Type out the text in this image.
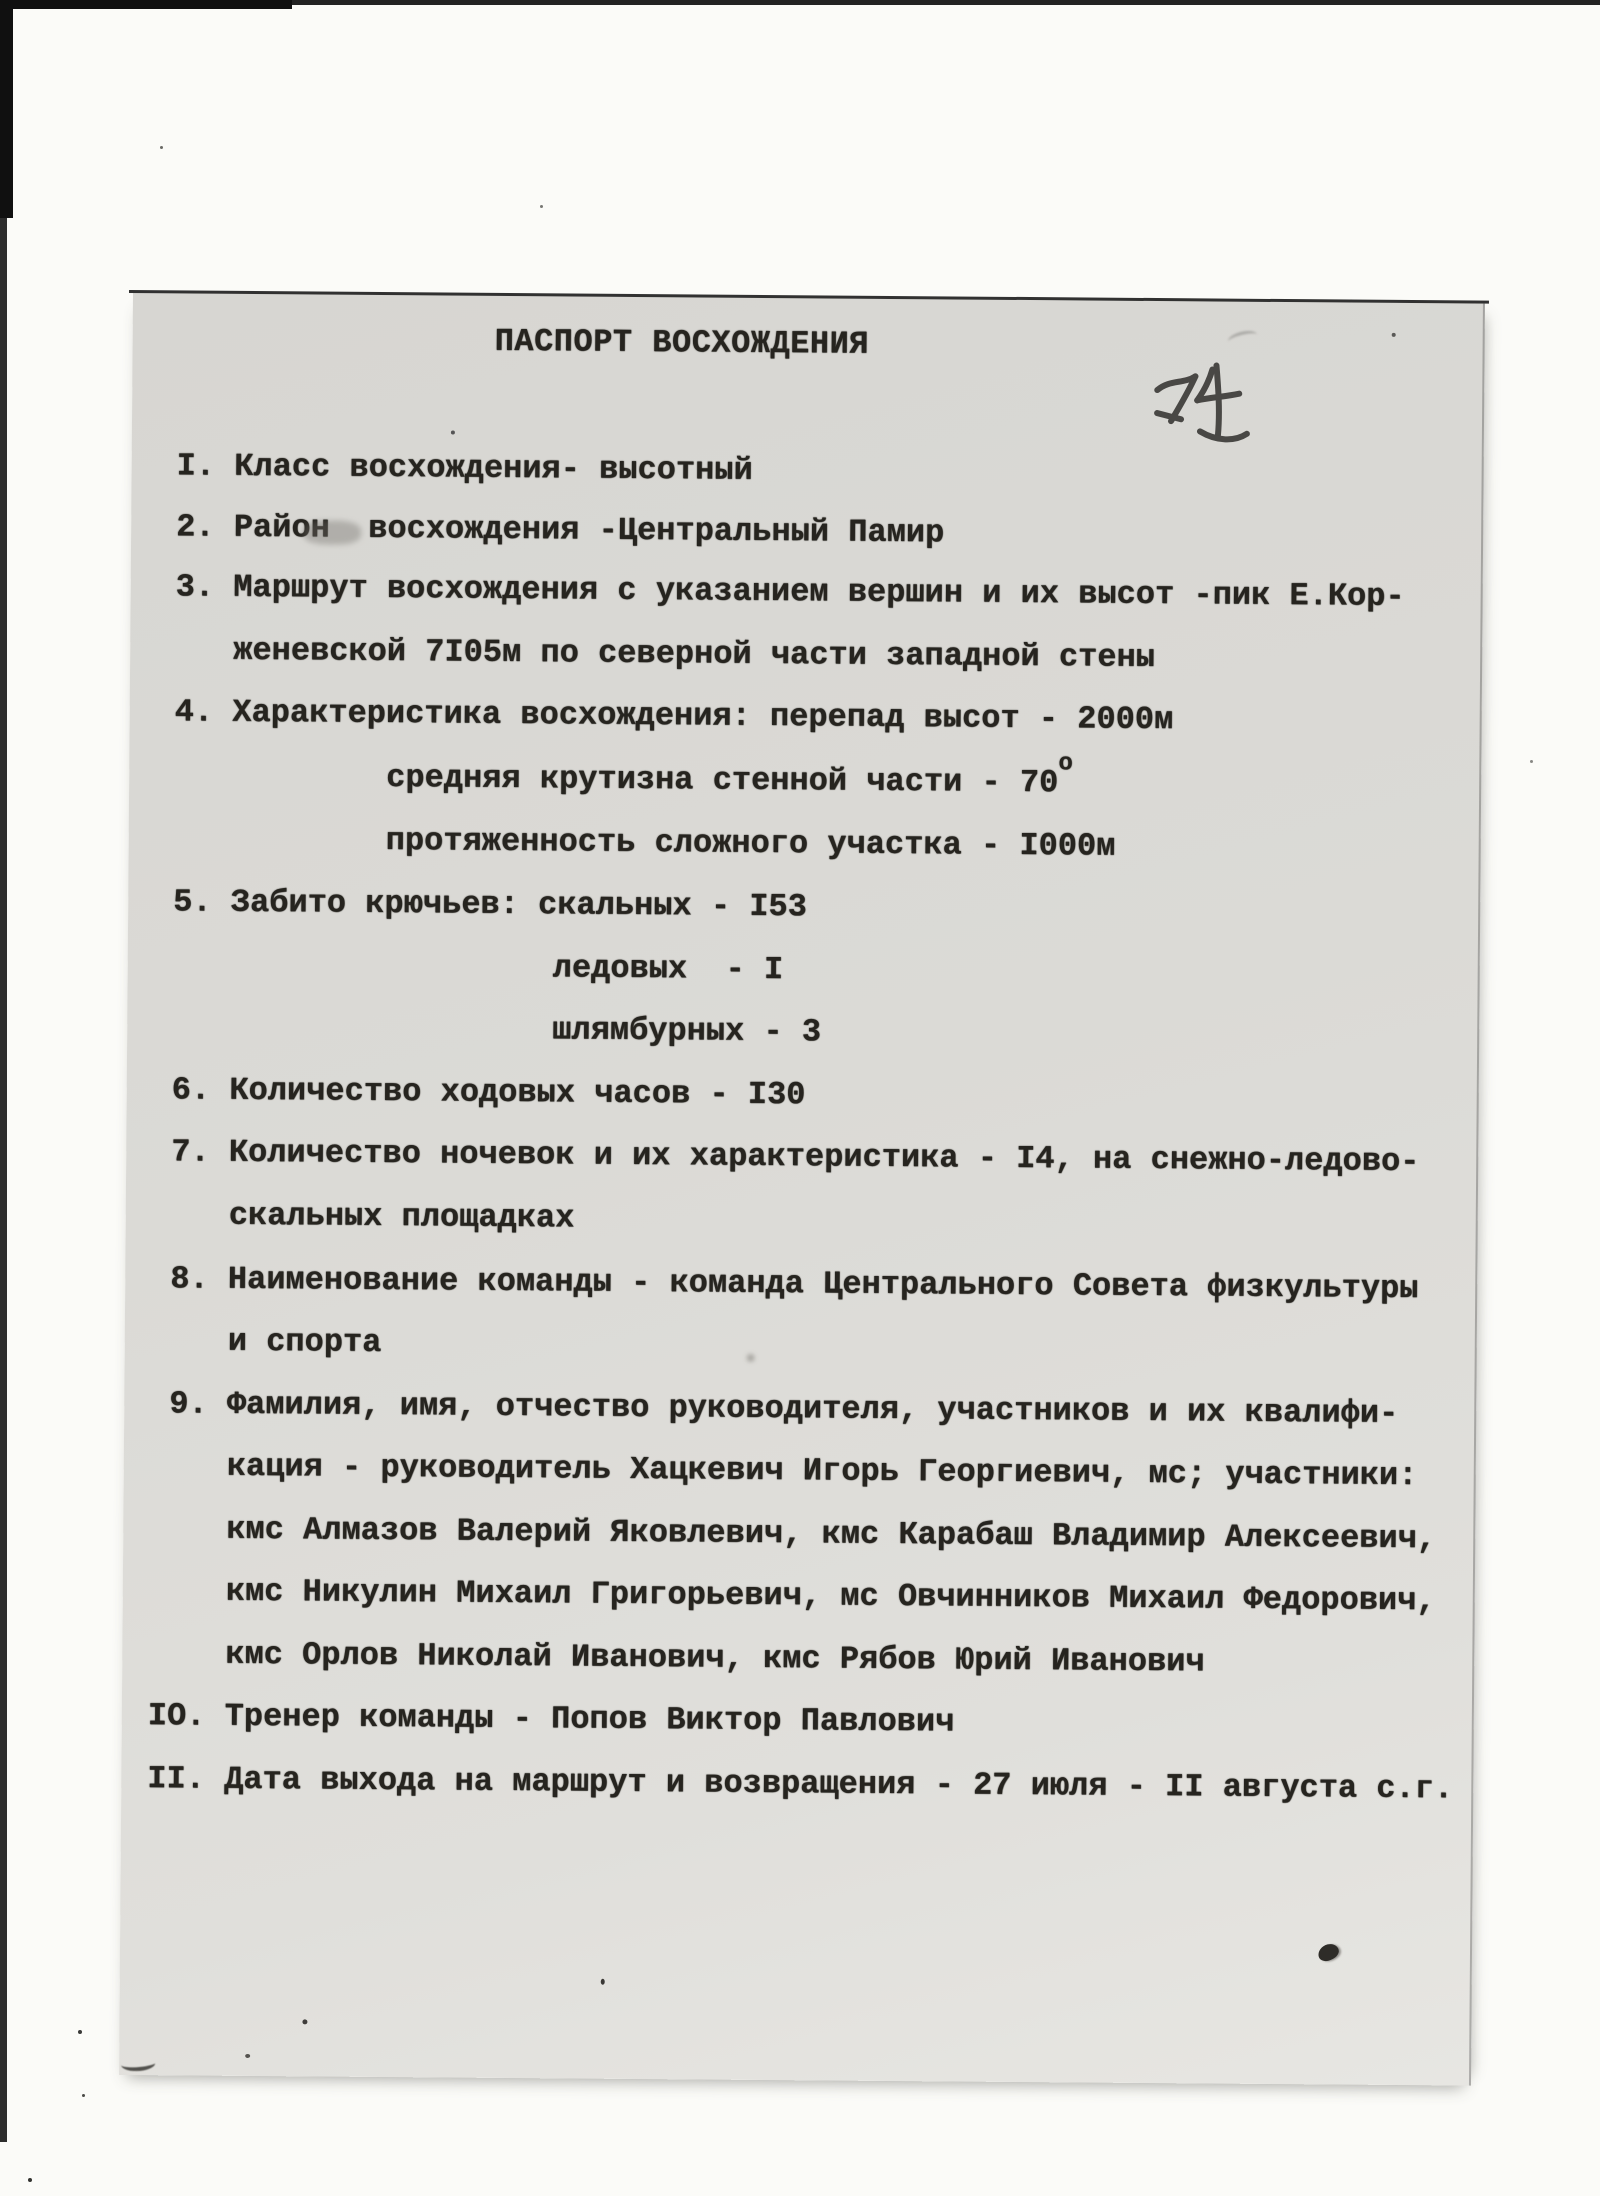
ПАСПОРТ ВОСХОЖДЕНИЯ
I. Класс восхождения- высотный
2. Район  восхождения -Центральный Памир
3. Маршрут восхождения с указанием вершин и их высот -пик Е.Кор-
женевской 7I05м по северной части западной стены
4. Характеристика восхождения: перепад высот - 2000м
средняя крутизна стенной части - 70о
протяженность сложного участка - I000м
5. Забито крючьев: скальных - I53
ледовых  - I
шлямбурных - 3
6. Количество ходовых часов - I30
7. Количество ночевок и их характеристика - I4, на снежно-ледово-
скальных площадках
8. Наименование команды - команда Центрального Совета физкультуры
и спорта
9. Фамилия, имя, отчество руководителя, участников и их квалифи-
кация - руководитель Хацкевич Игорь Георгиевич, мс; участники:
кмс Алмазов Валерий Яковлевич, кмс Карабаш Владимир Алексеевич,
кмс Никулин Михаил Григорьевич, мс Овчинников Михаил Федорович,
кмс Орлов Николай Иванович, кмс Рябов Юрий Иванович
IO. Тренер команды - Попов Виктор Павлович
II. Дата выхода на маршрут и возвращения - 27 июля - II августа с.г.
